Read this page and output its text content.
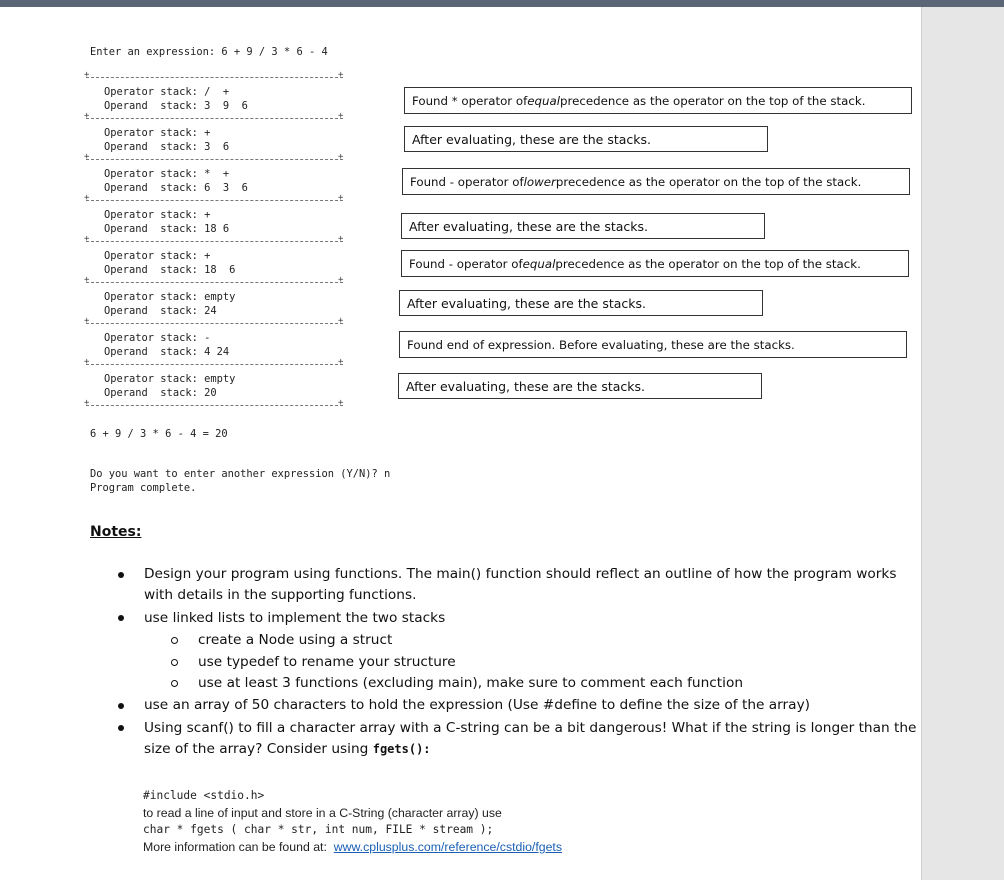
Enter an expression: 6 + 9 / 3 * 6 - 4
Operator stack: /  +
Operand  stack: 3  9  6
Operator stack: +
Operand  stack: 3  6
Operator stack: *  +
Operand  stack: 6  3  6
Operator stack: +
Operand  stack: 18 6
Operator stack: +
Operand  stack: 18  6
Operator stack: empty
Operand  stack: 24
Operator stack: -
Operand  stack: 4 24
Operator stack: empty
Operand  stack: 20
6 + 9 / 3 * 6 - 4 = 20
Do you want to enter another expression (Y/N)? n
Program complete.
Found * operator of equal precedence as the operator on the top of the stack.
After evaluating, these are the stacks.
Found - operator of lower precedence as the operator on the top of the stack.
After evaluating, these are the stacks.
Found - operator of equal precedence as the operator on the top of the stack.
After evaluating, these are the stacks.
Found end of expression. Before evaluating, these are the stacks.
After evaluating, these are the stacks.
Notes:
Design your program using functions. The main() function should reflect an outline of how the program works
with details in the supporting functions.
use linked lists to implement the two stacks
create a Node using a struct
use typedef to rename your structure
use at least 3 functions (excluding main), make sure to comment each function
use an array of 50 characters to hold the expression (Use #define to define the size of the array)
Using scanf() to fill a character array with a C-string can be a bit dangerous! What if the string is longer than the
size of the array? Consider using fgets():
#include <stdio.h>
to read a line of input and store in a C-String (character array) use
char * fgets ( char * str, int num, FILE * stream );
More information can be found at:  www.cplusplus.com/reference/cstdio/fgets
+	+
+	+
+	+
+	+
+	+
+	+
+	+
+	+
+	+
